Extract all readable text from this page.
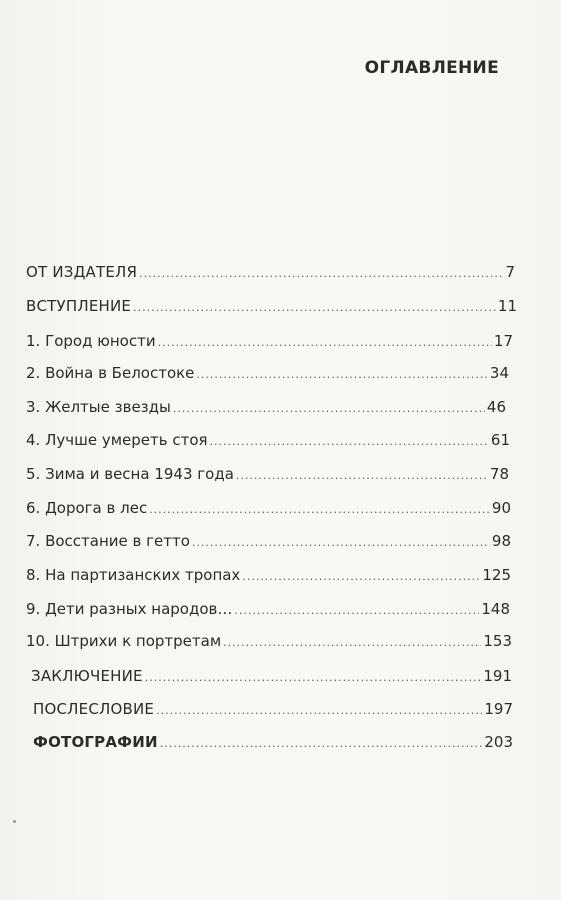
ОГЛАВЛЕНИЕ
ОТ ИЗДАТЕЛЯ .....	7
ВСТУПЛЕНИЕ .....	11
1. Город юности .....	17
2. Война в Белостоке .....	34
3. Желтые звезды .....	46
4. Лучше умереть стоя .....	61
5. Зима и весна 1943 года .....	78
6. Дорога в лес .....	90
7. Восстание в гетто .....	98
8. На партизанских тропах .....	125
9. Дети разных народов… .....	148
10. Штрихи к портретам .....	153
ЗАКЛЮЧЕНИЕ .....	191
ПОСЛЕСЛОВИЕ .....	197
ФОТОГРАФИИ .....	203
